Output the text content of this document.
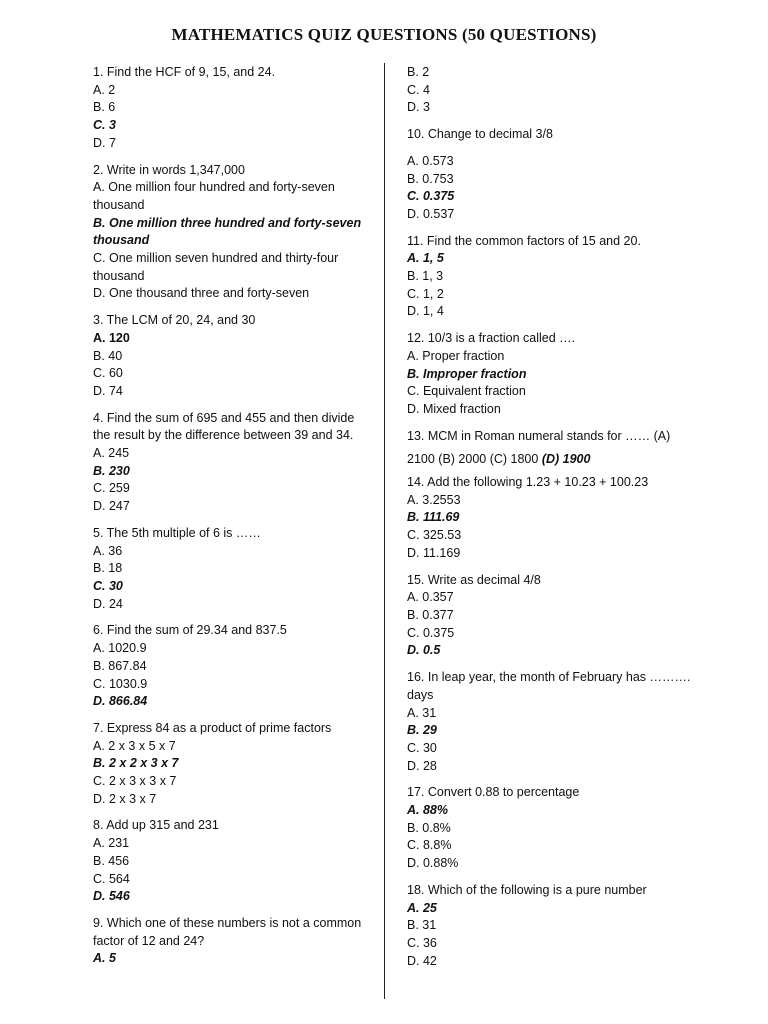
MATHEMATICS QUIZ QUESTIONS (50 QUESTIONS)
1. Find the HCF of 9, 15, and 24.
A. 2
B. 6
C. 3
D. 7
2. Write in words 1,347,000
A. One million four hundred and forty-seven thousand
B. One million three hundred and forty-seven thousand
C. One million seven hundred and thirty-four thousand
D. One thousand three and forty-seven
3. The LCM of 20, 24, and 30
A. 120
B. 40
C. 60
D. 74
4. Find the sum of 695 and 455 and then divide the result by the difference between 39 and 34.
A. 245
B. 230
C. 259
D. 247
5. The 5th multiple of 6 is ……
A. 36
B. 18
C. 30
D. 24
6. Find the sum of 29.34 and 837.5
A. 1020.9
B. 867.84
C. 1030.9
D. 866.84
7. Express 84 as a product of prime factors
A. 2 x 3 x 5 x 7
B. 2 x 2 x 3 x 7
C. 2 x 3 x 3 x 7
D. 2 x 3 x 7
8. Add up 315 and 231
A. 231
B. 456
C. 564
D. 546
9. Which one of these numbers is not a common factor of 12 and 24?
A. 5
B. 2
C. 4
D. 3
10. Change to decimal 3/8
A. 0.573
B. 0.753
C. 0.375
D. 0.537
11. Find the common factors of 15 and 20.
A. 1, 5
B. 1, 3
C. 1, 2
D. 1, 4
12. 10/3 is a fraction called ….
A. Proper fraction
B. Improper fraction
C. Equivalent fraction
D. Mixed fraction
13. MCM in Roman numeral stands for …… (A)
2100 (B) 2000 (C) 1800 (D) 1900
14. Add the following 1.23 + 10.23 + 100.23
A. 3.2553
B. 111.69
C. 325.53
D. 11.169
15. Write as decimal 4/8
A. 0.357
B. 0.377
C. 0.375
D. 0.5
16. In leap year, the month of February has ………. days
A. 31
B. 29
C. 30
D. 28
17. Convert 0.88 to percentage
A. 88%
B. 0.8%
C. 8.8%
D. 0.88%
18. Which of the following is a pure number
A. 25
B. 31
C. 36
D. 42
